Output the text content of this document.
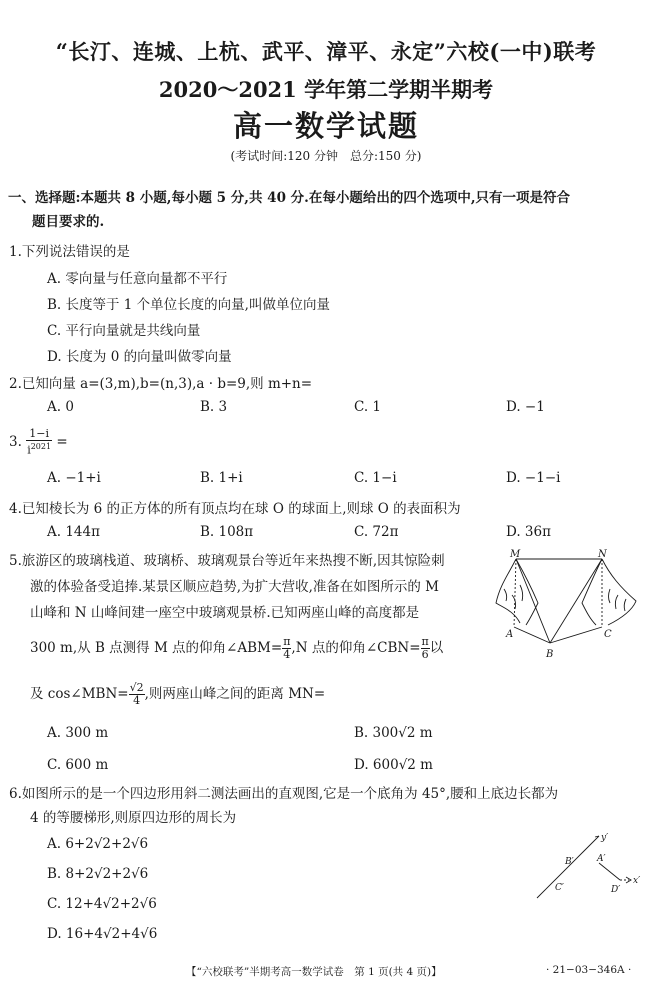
“长汀、连城、上杭、武平、漳平、永定”六校(一中)联考
2020～2021 学年第二学期半期考
高一数学试题
(考试时间:120 分钟　总分:150 分)
一、选择题:本题共 8 小题,每小题 5 分,共 40 分.在每小题给出的四个选项中,只有一项是符合
题目要求的.
1.下列说法错误的是
A. 零向量与任意向量都不平行
B. 长度等于 1 个单位长度的向量,叫做单位向量
C. 平行向量就是共线向量
D. 长度为 0 的向量叫做零向量
2.已知向量 a=(3,m),b=(n,3),a · b=9,则 m+n=
A. 0	B. 3	C. 1	D. −1
3. $\frac{1-i}{i^{2021}}$ =
A. −1+i	B. 1+i	C. 1−i	D. −1−i
4.已知棱长为 6 的正方体的所有顶点均在球 O 的球面上,则球 O 的表面积为
A. 144π	B. 108π	C. 72π	D. 36π
5.旅游区的玻璃栈道、玻璃桥、玻璃观景台等近年来热搜不断,因其惊险刺
激的体验备受追捧.某景区顺应趋势,为扩大营收,准备在如图所示的 M
山峰和 N 山峰间建一座空中玻璃观景桥.已知两座山峰的高度都是
300 m,从 B 点测得 M 点的仰角∠ABM= $\frac{\pi}{4} ,N$ 点的仰角∠CBN= $\frac{\pi}{6}$ 以
及 cos∠MBN= $\frac{√2}{4}$ ,则两座山峰之间的距离 MN=
A. 300 m	B. 300√2 m
C. 600 m	D. 600√2 m
M	N
A
B
C
6.如图所示的是一个四边形用斜二测法画出的直观图,它是一个底角为 45°,腰和上底边长都为
4 的等腰梯形,则原四边形的周长为
A. 6+2√2+2√6
B. 8+2√2+2√6
C. 12+4√2+2√6
D. 16+4√2+4√6
y′
A′
B′
C′	D′
x′
【“六校联考”半期考高一数学试卷　第 1 页(共 4 页)】	· 21−03−346A ·
